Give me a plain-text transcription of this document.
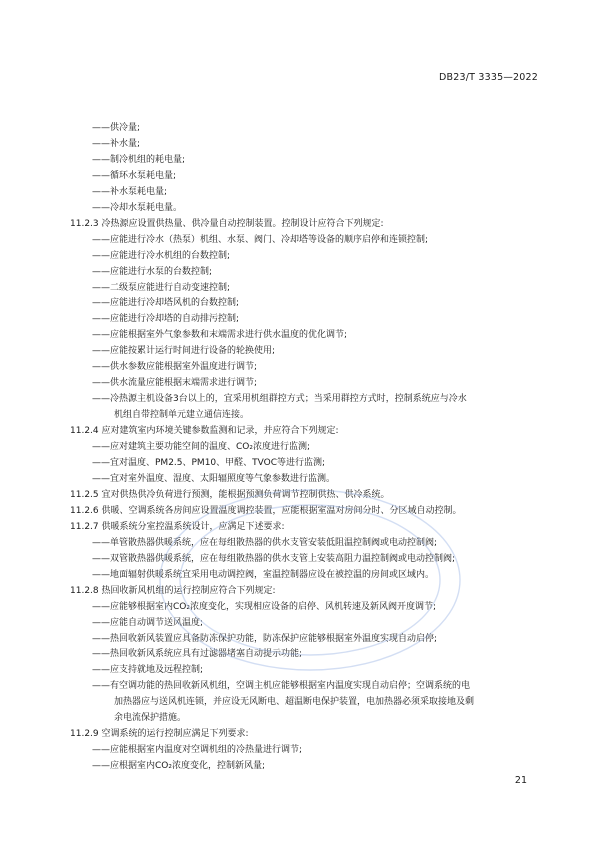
DB23/T 3335—2022
——供冷量;
——补水量;
——制冷机组的耗电量;
——循环水泵耗电量;
——补水泵耗电量;
——冷却水泵耗电量。
11.2.3 冷热源应设置供热量、供冷量自动控制装置。控制设计应符合下列规定:
——应能进行冷水（热泵）机组、水泵、阀门、冷却塔等设备的顺序启停和连锁控制;
——应能进行冷水机组的台数控制;
——应能进行水泵的台数控制;
——二级泵应能进行自动变速控制;
——应能进行冷却塔风机的台数控制;
——应能进行冷却塔的自动排污控制;
——应能根据室外气象参数和末端需求进行供水温度的优化调节;
——应能按累计运行时间进行设备的轮换使用;
——供水参数应能根据室外温度进行调节;
——供水流量应能根据末端需求进行调节;
——冷热源主机设备3台以上的，宜采用机组群控方式；当采用群控方式时，控制系统应与冷水
机组自带控制单元建立通信连接。
11.2.4 应对建筑室内环境关键参数监测和记录，并应符合下列规定:
——应对建筑主要功能空间的温度、CO₂浓度进行监测;
——宜对温度、PM2.5、PM10、甲醛、TVOC等进行监测;
——宜对室外温度、湿度、太阳辐照度等气象参数进行监测。
11.2.5 宜对供热供冷负荷进行预测，能根据预测负荷调节控制供热、供冷系统。
11.2.6 供暖、空调系统各房间应设置温度调控装置，应能根据室温对房间分时、分区域自动控制。
11.2.7 供暖系统分室控温系统设计，应满足下述要求:
——单管散热器供暖系统，应在每组散热器的供水支管安装低阻温控制阀或电动控制阀;
——双管散热器供暖系统，应在每组散热器的供水支管上安装高阻力温控制阀或电动控制阀;
——地面辐射供暖系统宜采用电动调控阀，室温控制器应设在被控温的房间或区域内。
11.2.8 热回收新风机组的运行控制应符合下列规定:
——应能够根据室内CO₂浓度变化，实现相应设备的启停、风机转速及新风阀开度调节;
——应能自动调节送风温度;
——热回收新风装置应具备防冻保护功能，防冻保护应能够根据室外温度实现自动启停;
——热回收新风系统应具有过滤器堵塞自动提示功能;
——应支持就地及远程控制;
——有空调功能的热回收新风机组，空调主机应能够根据室内温度实现自动启停；空调系统的电
加热器应与送风机连锁，并应设无风断电、超温断电保护装置，电加热器必须采取接地及剩
余电流保护措施。
11.2.9 空调系统的运行控制应满足下列要求:
——应能根据室内温度对空调机组的冷热量进行调节;
——应根据室内CO₂浓度变化，控制新风量;
21
